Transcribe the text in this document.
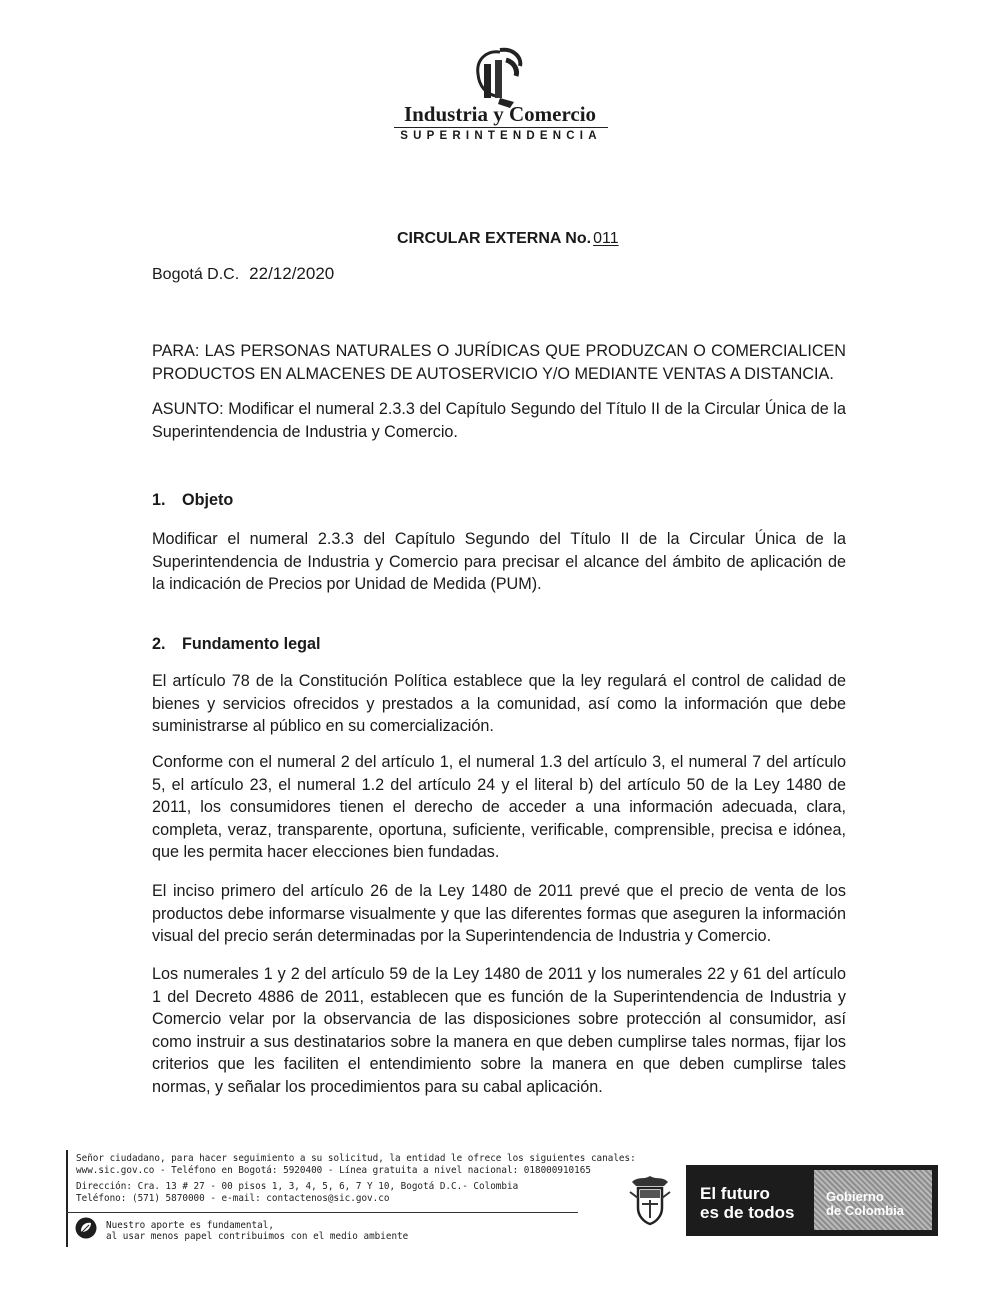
Industria y Comercio
SUPERINTENDENCIA
CIRCULAR EXTERNA No. 011
Bogotá D.C. 22/12/2020
PARA: LAS PERSONAS NATURALES O JURÍDICAS QUE PRODUZCAN O COMERCIALICEN PRODUCTOS EN ALMACENES DE AUTOSERVICIO Y/O MEDIANTE VENTAS A DISTANCIA.
ASUNTO: Modificar el numeral 2.3.3 del Capítulo Segundo del Título II de la Circular Única de la Superintendencia de Industria y Comercio.
1. Objeto
Modificar el numeral 2.3.3 del Capítulo Segundo del Título II de la Circular Única de la Superintendencia de Industria y Comercio para precisar el alcance del ámbito de aplicación de la indicación de Precios por Unidad de Medida (PUM).
2. Fundamento legal
El artículo 78 de la Constitución Política establece que la ley regulará el control de calidad de bienes y servicios ofrecidos y prestados a la comunidad, así como la información que debe suministrarse al público en su comercialización.
Conforme con el numeral 2 del artículo 1, el numeral 1.3 del artículo 3, el numeral 7 del artículo 5, el artículo 23, el numeral 1.2 del artículo 24 y el literal b) del artículo 50 de la Ley 1480 de 2011, los consumidores tienen el derecho de acceder a una información adecuada, clara, completa, veraz, transparente, oportuna, suficiente, verificable, comprensible, precisa e idónea, que les permita hacer elecciones bien fundadas.
El inciso primero del artículo 26 de la Ley 1480 de 2011 prevé que el precio de venta de los productos debe informarse visualmente y que las diferentes formas que aseguren la información visual del precio serán determinadas por la Superintendencia de Industria y Comercio.
Los numerales 1 y 2 del artículo 59 de la Ley 1480 de 2011 y los numerales 22 y 61 del artículo 1 del Decreto 4886 de 2011, establecen que es función de la Superintendencia de Industria y Comercio velar por la observancia de las disposiciones sobre protección al consumidor, así como instruir a sus destinatarios sobre la manera en que deben cumplirse tales normas, fijar los criterios que les faciliten el entendimiento sobre la manera en que deben cumplirse tales normas, y señalar los procedimientos para su cabal aplicación.
Señor ciudadano, para hacer seguimiento a su solicitud, la entidad le ofrece los siguientes canales:
www.sic.gov.co - Teléfono en Bogotá: 5920400 - Línea gratuita a nivel nacional: 018000910165
Dirección: Cra. 13 # 27 - 00 pisos 1, 3, 4, 5, 6, 7 Y 10, Bogotá D.C.- Colombia
Teléfono: (571) 5870000 - e-mail: contactenos@sic.gov.co
Nuestro aporte es fundamental,
al usar menos papel contribuimos con el medio ambiente
El futuro
es de todos
Gobierno
de Colombia
